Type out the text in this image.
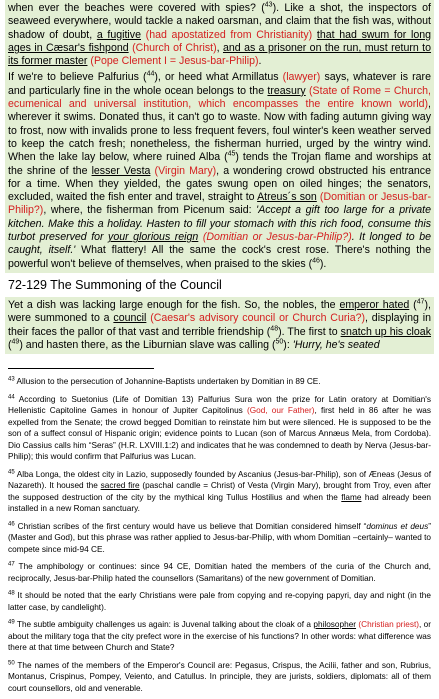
when ever the beaches were covered with spies? ($^{43}$). Like a shot, the inspectors of seaweed everywhere, would tackle a naked oarsman, and claim that the fish was, without shadow of doubt, a fugitive (had apostatized from Christianity) that had swum for long ages in Cæsar's fishpond (Church of Christ), and as a prisoner on the run, must return to its former master (Pope Clement I = Jesus-bar-Philip).

If we're to believe Palfurius ($^{44}$), or heed what Armillatus (lawyer) says, whatever is rare and particularly fine in the whole ocean belongs to the treasury (State of Rome = Church, ecumenical and universal institution, which encompasses the entire known world), wherever it swims. Donated thus, it can't go to waste. Now with fading autumn giving way to frost, now with invalids prone to less frequent fevers, foul winter's keen weather served to keep the catch fresh; nonetheless, the fisherman hurried, urged by the wintry wind. When the lake lay below, where ruined Alba ($^{45}$) tends the Trojan flame and worships at the shrine of the lesser Vesta (Virgin Mary), a wondering crowd obstructed his entrance for a time. When they yielded, the gates swung open on oiled hinges; the senators, excluded, waited the fish enter and travel, straight to Atreus´s son (Domitian or Jesus-bar-Philip?), where, the fisherman from Picenum said: 'Accept a gift too large for a private kitchen. Make this a holiday. Hasten to fill your stomach with this rich food, consume this turbot preserved for your glorious reign (Domitian or Jesus-bar-Philip?). It longed to be caught, itself.' What flattery! All the same the cock's crest rose. There's nothing the powerful won't believe of themselves, when praised to the skies ($^{46}$).

72-129 The Summoning of the Council

Yet a dish was lacking large enough for the fish. So, the nobles, the emperor hated ($^{47}$), were summoned to a council (Caesar's advisory council or Church Curia?), displaying in their faces the pallor of that vast and terrible friendship ($^{48}$). The first to snatch up his cloak ($^{49}$) and hasten there, as the Liburnian slave was calling ($^{50}$): 'Hurry, he's seated

$^{43}$ Allusion to the persecution of Johannine-Baptists undertaken by Domitian in 89 CE.

$^{44}$ According to Suetonius (Life of Domitian 13) Palfurius Sura won the prize for Latin oratory at Domitian's Hellenistic Capitoline Games in honour of Jupiter Capitolinus (God, our Father), first held in 86 after he was expelled from the Senate; the crowd begged Domitian to reinstate him but were silenced. He is supposed to be the son of a suffect consul of Hispanic origin; evidence points to Lucan (son of Marcus Annæus Mela, from Cordoba). Dio Cassius calls him “Seras” (H.R. LXVIII.1:2) and indicates that he was condemned to death by Nerva (Jesus-bar-Philip); this would confirm that Palfurius was Lucan.

$^{45}$ Alba Longa, the oldest city in Lazio, supposedly founded by Ascanius (Jesus-bar-Philip), son of Æneas (Jesus of Nazareth). It housed the sacred fire (paschal candle = Christ) of Vesta (Virgin Mary), brought from Troy, even after the supposed destruction of the city by the mythical king Tullus Hostilius and when the flame had already been installed in a new Roman sanctuary.

$^{46}$ Christian scribes of the first century would have us believe that Domitian considered himself “dominus et deus” (Master and God), but this phrase was rather applied to Jesus-bar-Philip, with whom Domitian –certainly– wanted to compete since mid-94 CE.

$^{47}$ The amphibology or continues: since 94 CE, Domitian hated the members of the curia of the Church and, reciprocally, Jesus-bar-Philip hated the counsellors (Samaritans) of the new government of Domitian.

$^{48}$ It should be noted that the early Christians were pale from copying and re-copying papyri, day and night (in the latter case, by candlelight).

$^{49}$ The subtle ambiguity challenges us again: is Juvenal talking about the cloak of a philosopher (Christian priest), or about the military toga that the city prefect wore in the exercise of his functions? In other words: what difference was there at that time between Church and State?

$^{50}$ The names of the members of the Emperor's Council are: Pegasus, Crispus, the Acilii, father and son, Rubrius, Montanus, Crispinus, Pompey, Veiento, and Catullus. In principle, they are jurists, soldiers, diplomats: all of them court counsellors, old and venerable.
